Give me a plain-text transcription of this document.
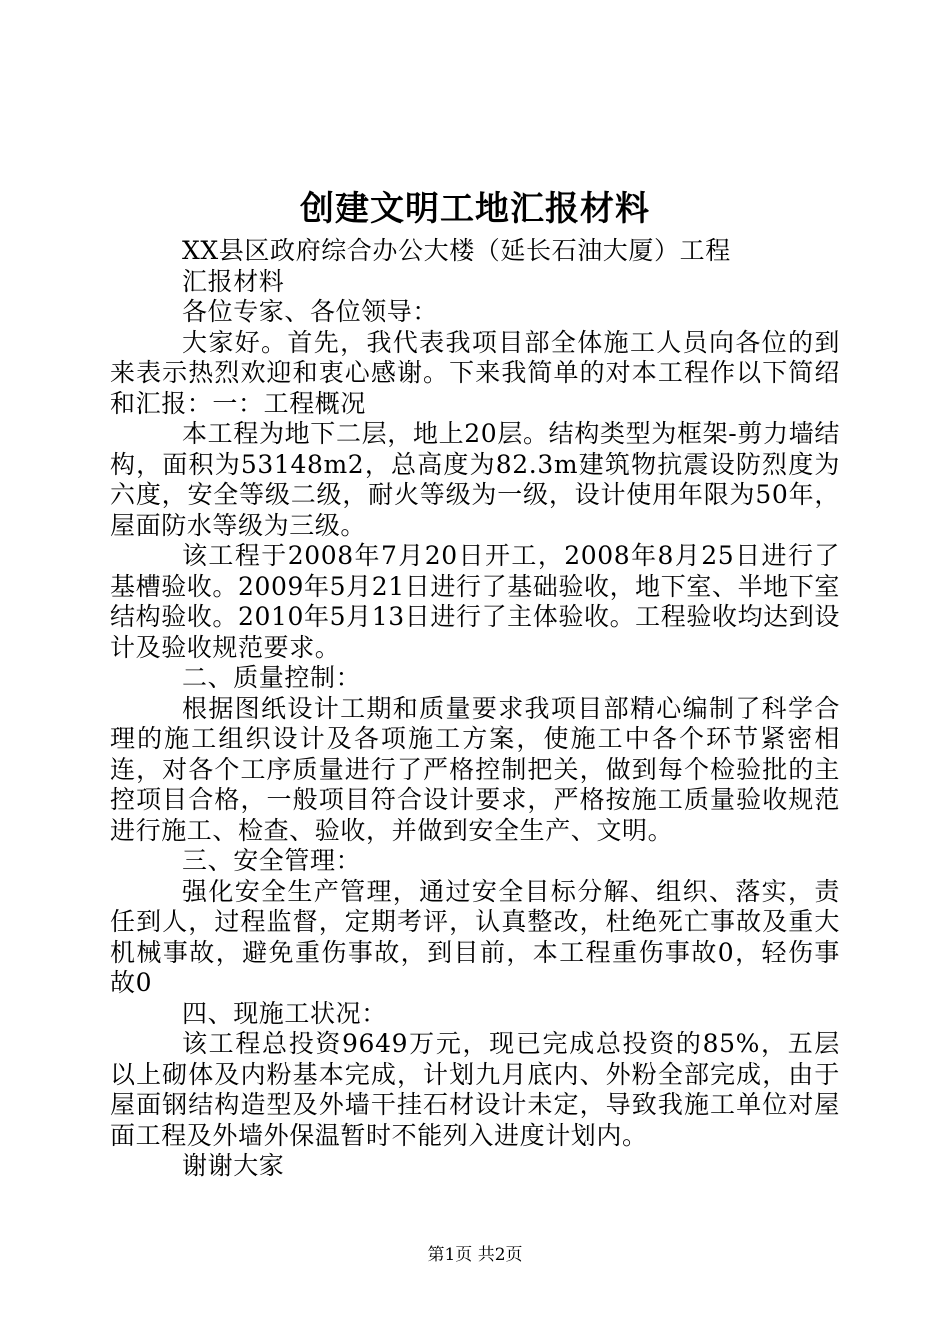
创建文明工地汇报材料

XX县区政府综合办公大楼（延长石油大厦）工程

汇报材料

各位专家、各位领导：

大家好。首先，我代表我项目部全体施工人员向各位的到来表示热烈欢迎和衷心感谢。下来我简单的对本工程作以下简绍和汇报：一：工程概况

本工程为地下二层，地上20层。结构类型为框架-剪力墙结构，面积为53148m2，总高度为82.3m建筑物抗震设防烈度为六度，安全等级二级，耐火等级为一级，设计使用年限为50年，屋面防水等级为三级。

该工程于2008年7月20日开工，2008年8月25日进行了基槽验收。2009年5月21日进行了基础验收，地下室、半地下室结构验收。2010年5月13日进行了主体验收。工程验收均达到设计及验收规范要求。

二、质量控制：

根据图纸设计工期和质量要求我项目部精心编制了科学合理的施工组织设计及各项施工方案，使施工中各个环节紧密相连，对各个工序质量进行了严格控制把关，做到每个检验批的主控项目合格，一般项目符合设计要求，严格按施工质量验收规范进行施工、检查、验收，并做到安全生产、文明。

三、安全管理：

强化安全生产管理，通过安全目标分解、组织、落实，责任到人，过程监督，定期考评，认真整改，杜绝死亡事故及重大机械事故，避免重伤事故，到目前，本工程重伤事故0，轻伤事故0

四、现施工状况：

该工程总投资9649万元，现已完成总投资的85%，五层以上砌体及内粉基本完成，计划九月底内、外粉全部完成，由于屋面钢结构造型及外墙干挂石材设计未定，导致我施工单位对屋面工程及外墙外保温暂时不能列入进度计划内。

谢谢大家

第1页 共2页
